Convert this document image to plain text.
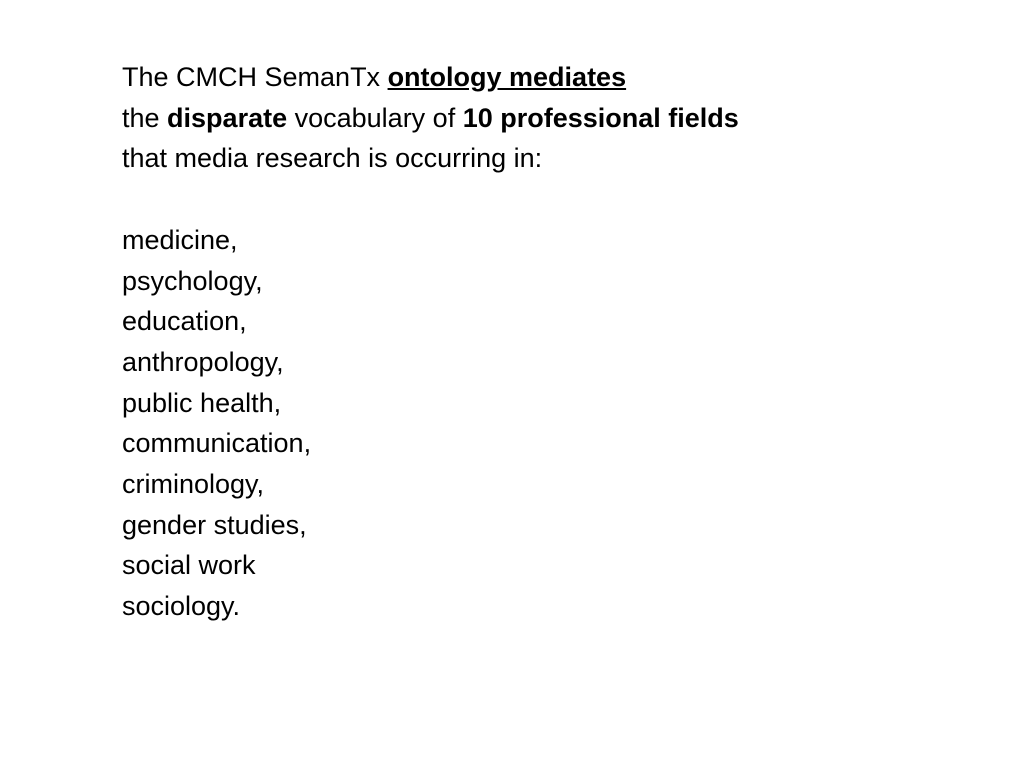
The CMCH SemanTx ontology mediates
the disparate vocabulary of 10 professional fields
that media research is occurring in:
medicine,
psychology,
education,
anthropology,
public health,
communication,
criminology,
gender studies,
social work
sociology.
